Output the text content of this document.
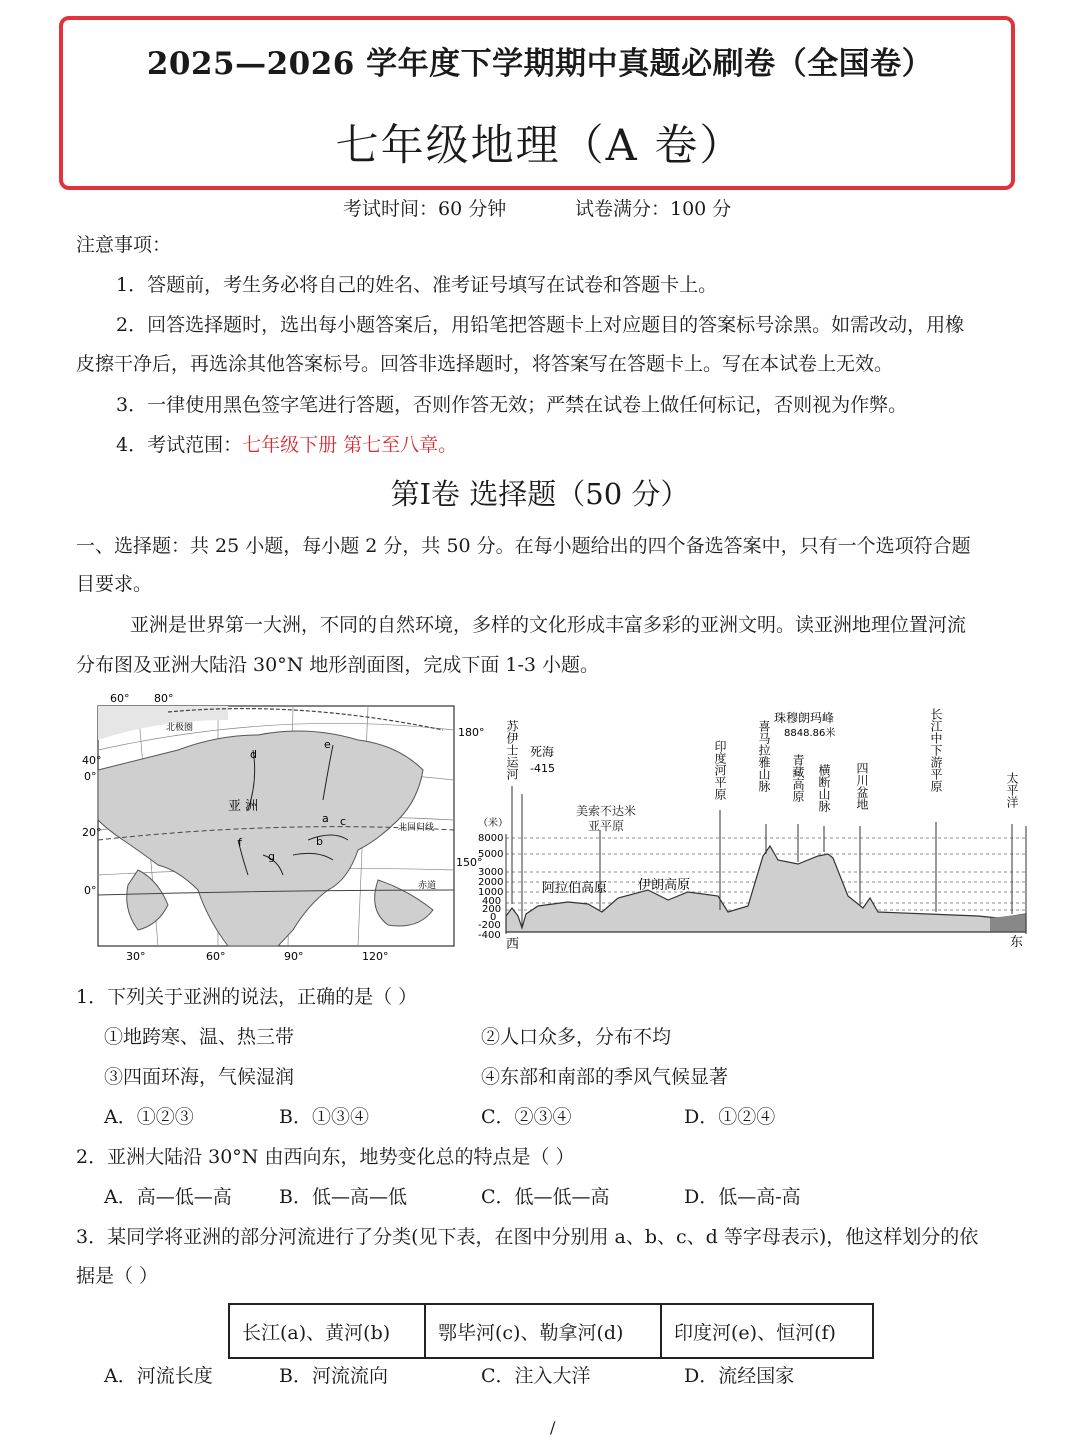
2025—2026 学年度下学期期中真题必刷卷（全国卷）
七年级地理（A 卷）
考试时间：60 分钟	试卷满分：100 分
注意事项：
1．答题前，考生务必将自己的姓名、准考证号填写在试卷和答题卡上。
2．回答选择题时，选出每小题答案后，用铅笔把答题卡上对应题目的答案标号涂黑。如需改动，用橡
皮擦干净后，再选涂其他答案标号。回答非选择题时，将答案写在答题卡上。写在本试卷上无效。
3．一律使用黑色签字笔进行答题，否则作答无效；严禁在试卷上做任何标记，否则视为作弊。
4．考试范围：七年级下册 第七至八章。
第Ⅰ卷 选择题（50 分）
一、选择题：共 25 小题，每小题 2 分，共 50 分。在每小题给出的四个备选答案中，只有一个选项符合题
目要求。
亚洲是世界第一大洲，不同的自然环境，多样的文化形成丰富多彩的亚洲文明。读亚洲地理位置河流
分布图及亚洲大陆沿 30°N 地形剖面图，完成下面 1-3 小题。
60° 80°
180°
40°
0°
20°
0°
30°	60°	90°	120°
150°
亚 洲
北极圈
北回归线
赤道
a
b
c
d
e
f
g
（米）
8000
5000
3000
2000
1000
400
200
0
-200
-400
西	东
苏伊士运河 死海
-415
美索不达米亚平原
阿拉伯高原 伊朗高原
印度河平原	喜马拉雅山脉
珠穆朗玛峰
8848.86米
青藏高原 横断山脉 四川盆地	长江中下游平原	太平洋
1．下列关于亚洲的说法，正确的是（ ）
①地跨寒、温、热三带	②人口众多，分布不均
③四面环海，气候湿润	④东部和南部的季风气候显著
A．①②③	B．①③④	C．②③④	D．①②④
2．亚洲大陆沿 30°N 由西向东，地势变化总的特点是（ ）
A．高—低—高 B．低—高—低	C．低—低—高	D．低—高-高
3．某同学将亚洲的部分河流进行了分类(见下表，在图中分别用 a、b、c、d 等字母表示)，他这样划分的依
据是（ ）
长江(a)、黄河(b)	鄂毕河(c)、勒拿河(d)	印度河(e)、恒河(f)
A．河流长度	B．河流流向	C．注入大洋	D．流经国家
/
